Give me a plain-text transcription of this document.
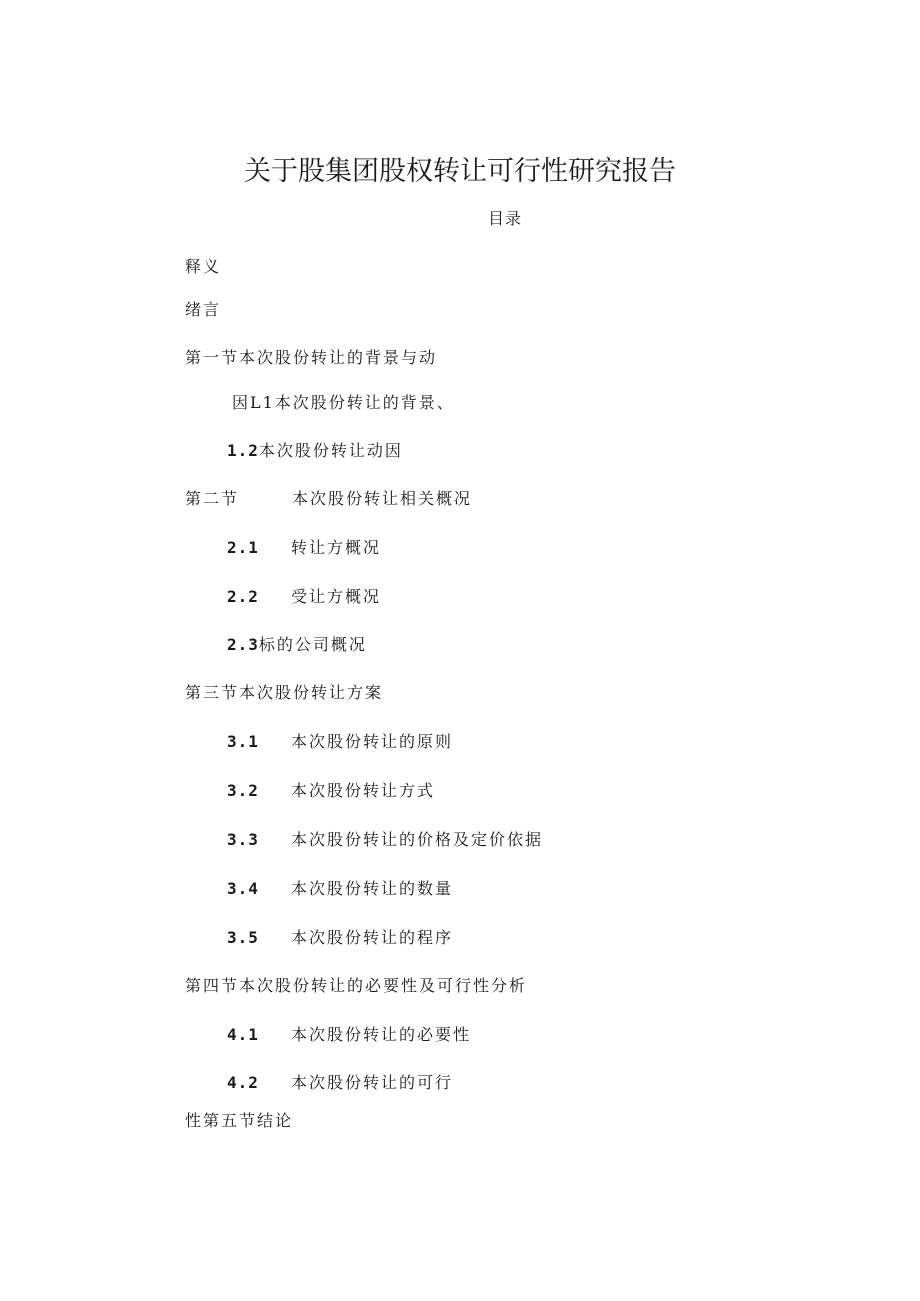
关于股集团股权转让可行性研究报告
目录
释义
绪言
第一节本次股份转让的背景与动
因L1本次股份转让的背景、
1.2本次股份转让动因
第二节	本次股份转让相关概况
2.1 转让方概况
2.2 受让方概况
2.3标的公司概况
第三节本次股份转让方案
3.1 本次股份转让的原则
3.2 本次股份转让方式
3.3 本次股份转让的价格及定价依据
3.4 本次股份转让的数量
3.5 本次股份转让的程序
第四节本次股份转让的必要性及可行性分析
4.1 本次股份转让的必要性
4.2 本次股份转让的可行
性第五节结论
